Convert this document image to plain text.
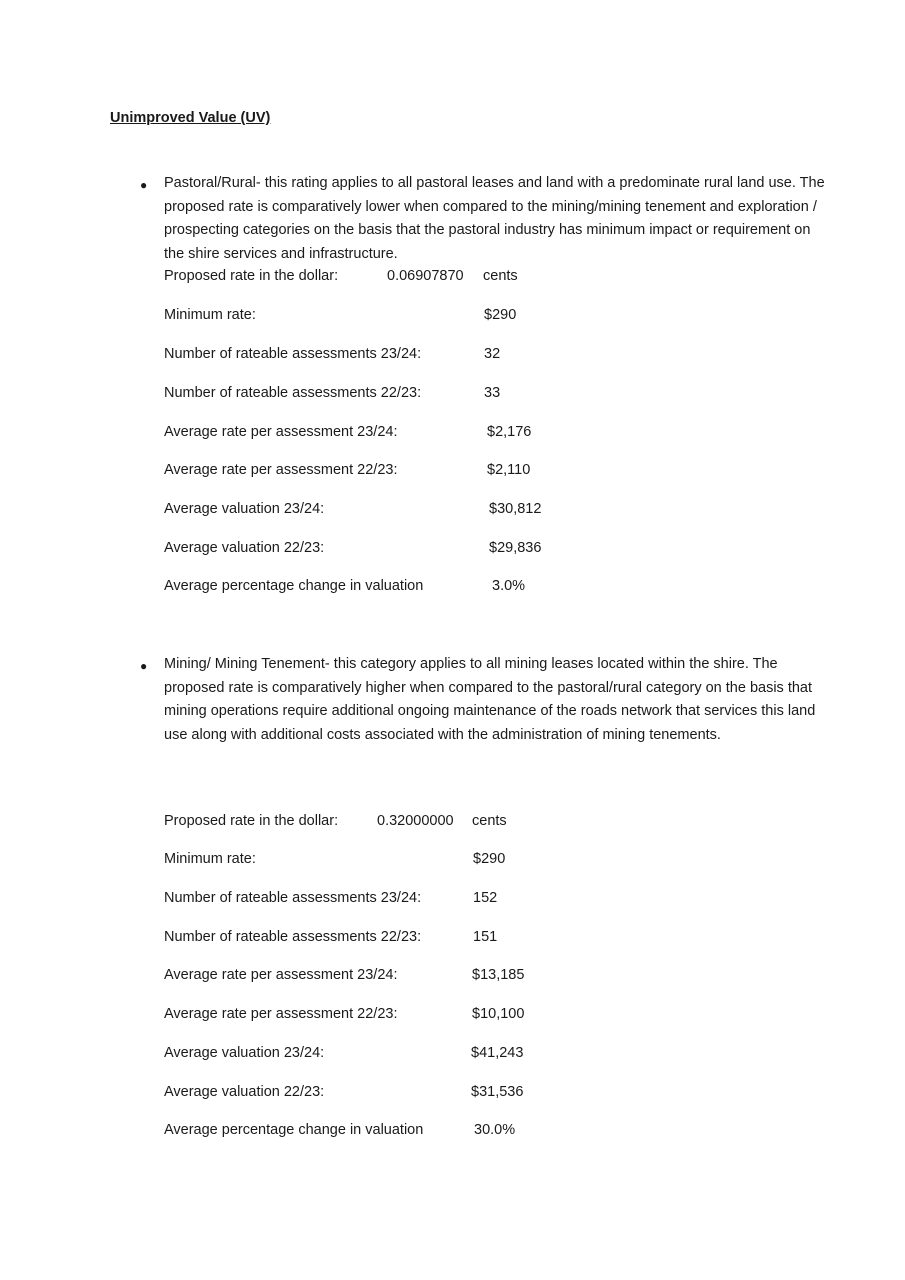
Unimproved Value (UV)
● Pastoral/Rural- this rating applies to all pastoral leases and land with a predominate rural land use. The proposed rate is comparatively lower when compared to the mining/mining tenement and exploration / prospecting categories on the basis that the pastoral industry has minimum impact or requirement on the shire services and infrastructure.

Proposed rate in the dollar:	0.06907870 cents
Minimum rate:	$290
Number of rateable assessments 23/24:	32
Number of rateable assessments 22/23:	33
Average rate per assessment 23/24:	$2,176
Average rate per assessment 22/23:	$2,110
Average valuation 23/24:	$30,812
Average valuation 22/23:	$29,836
Average percentage change in valuation	3.0%
● Mining/ Mining Tenement- this category applies to all mining leases located within the shire. The proposed rate is comparatively higher when compared to the pastoral/rural category on the basis that mining operations require additional ongoing maintenance of the roads network that services this land use along with additional costs associated with the administration of mining tenements.

Proposed rate in the dollar:	0.32000000 cents
Minimum rate:	$290
Number of rateable assessments 23/24:	152
Number of rateable assessments 22/23:	151
Average rate per assessment 23/24:	$13,185
Average rate per assessment 22/23:	$10,100
Average valuation 23/24:	$41,243
Average valuation 22/23:	$31,536
Average percentage change in valuation	30.0%
